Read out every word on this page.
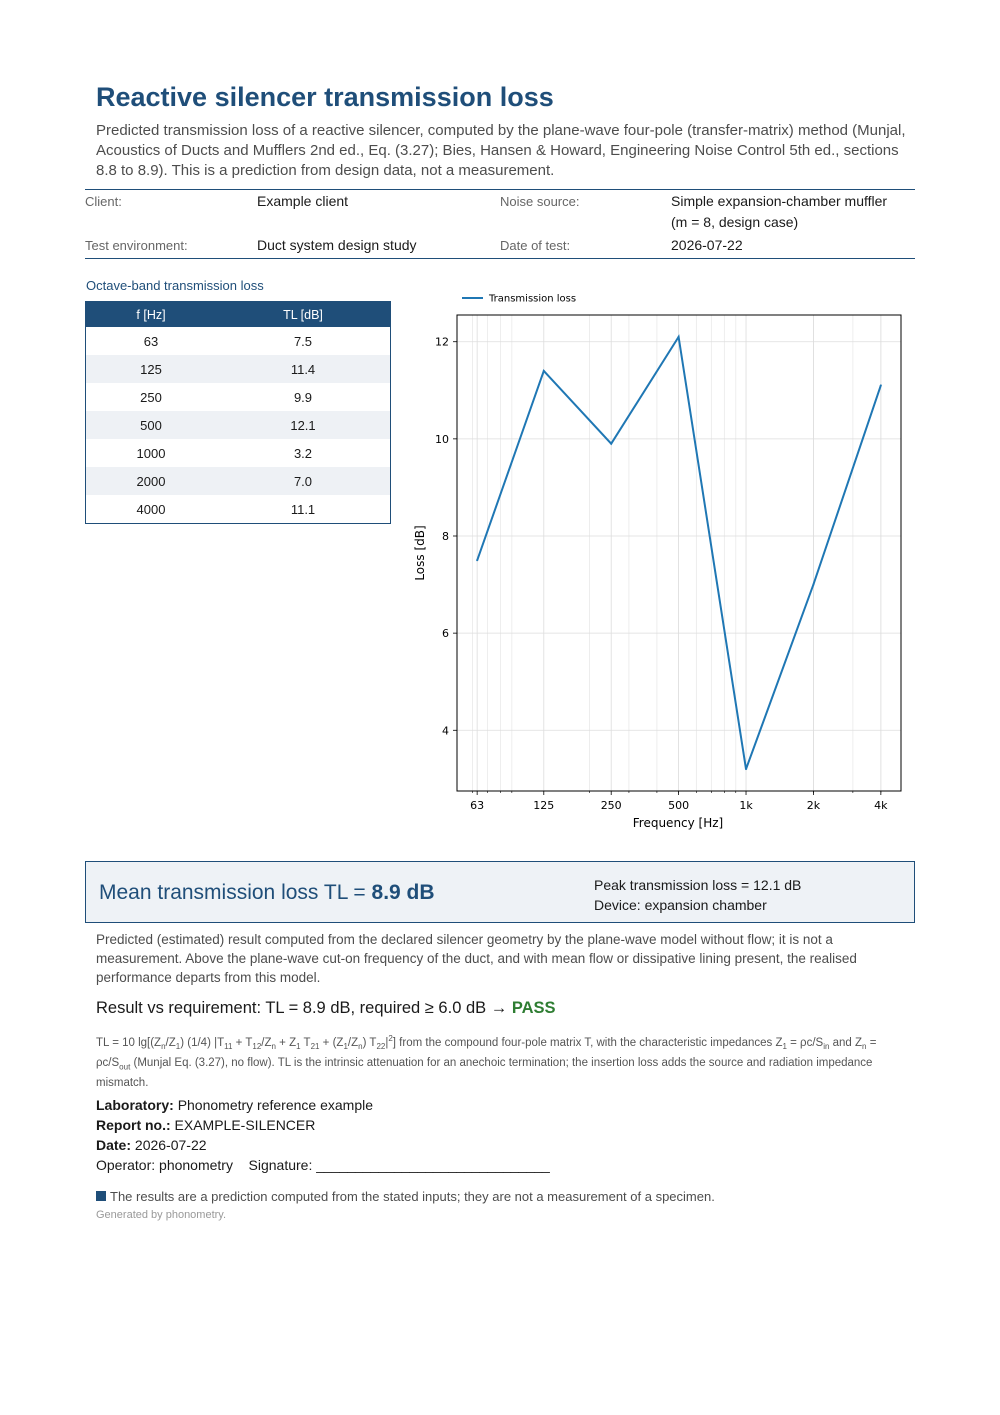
Reactive silencer transmission loss
Predicted transmission loss of a reactive silencer, computed by the plane-wave four-pole (transfer-matrix) method (Munjal, Acoustics of Ducts and Mufflers 2nd ed., Eq. (3.27); Bies, Hansen & Howard, Engineering Noise Control 5th ed., sections 8.8 to 8.9). This is a prediction from design data, not a measurement.
Client:	Example client	Noise source:	Simple expansion-chamber muffler
(m = 8, design case)
Test environment:	Duct system design study	Date of test:	2026-07-22
Octave-band transmission loss
f [Hz]	TL [dB]
63	7.5
125	11.4
250	9.9
500	12.1
1000	3.2
2000	7.0
4000	11.1
63	125	250	500	1k	2k	4k
4
6
8
10
12
Transmission loss
Frequency [Hz]
Loss [dB]
Mean transmission loss TL = 8.9 dB	Peak transmission loss = 12.1 dB
Device: expansion chamber
Predicted (estimated) result computed from the declared silencer geometry by the plane-wave model without flow; it is not a measurement. Above the plane-wave cut-on frequency of the duct, and with mean flow or dissipative lining present, the realised performance departs from this model.
Result vs requirement: TL = 8.9 dB, required ≥ 6.0 dB → PASS
TL = 10 $\lg[(Z_n/Z_1)$ (1/4) $|T_{11} + T_{12}/Z_n + Z_1$ $T_{21} + (Z_1/Z_n)$ $T_{22}|^2$] from the compound four-pole matrix T, with the characteristic impedances $Z_1 = \rho c/S_{in}$ and $Z_n = \rho c/S_{out}$ (Munjal Eq. (3.27), no flow). TL is the intrinsic attenuation for an anechoic termination; the insertion loss adds the source and radiation impedance mismatch.
Laboratory: Phonometry reference example
Report no.: EXAMPLE-SILENCER
Date: 2026-07-22
Operator: phonometry Signature: ______________________________
The results are a prediction computed from the stated inputs; they are not a measurement of a specimen.
Generated by phonometry.
